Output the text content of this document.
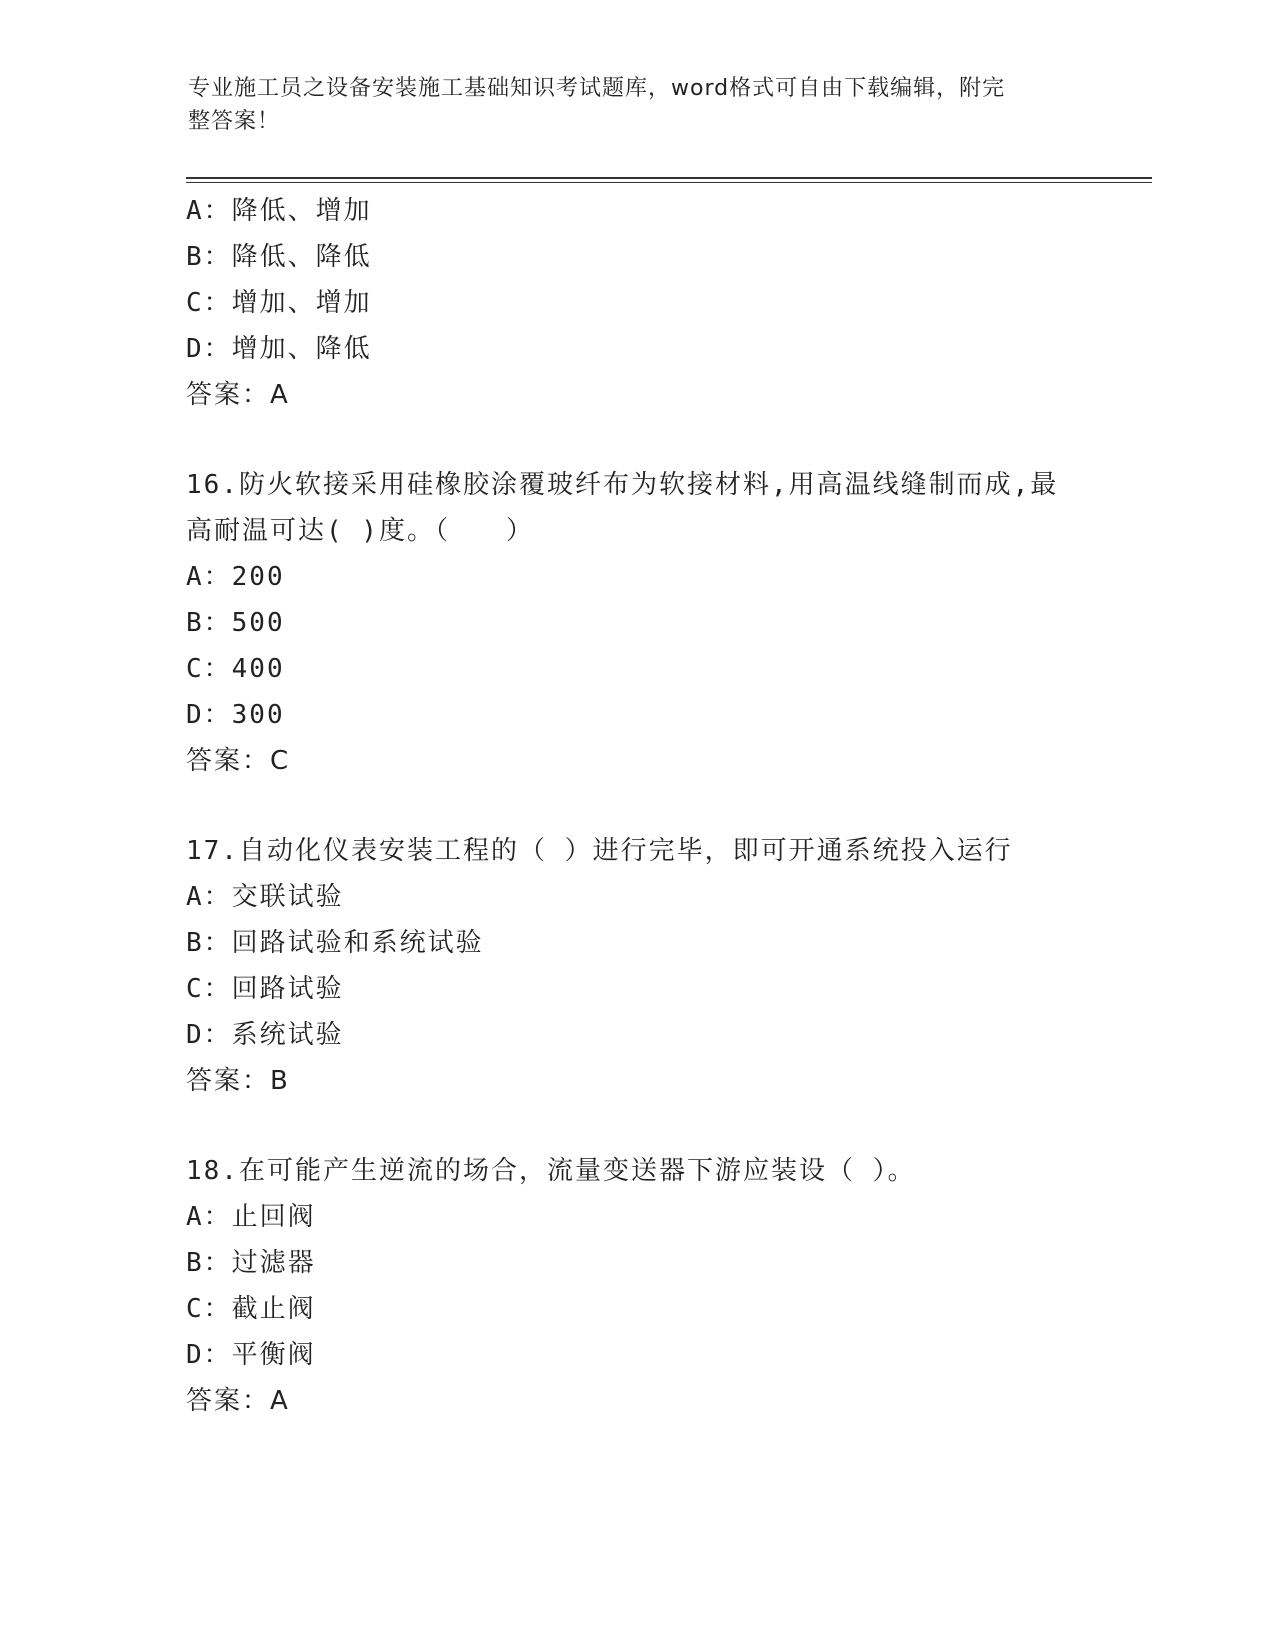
专业施工员之设备安装施工基础知识考试题库，word格式可自由下载编辑，附完
整答案！
A：降低、增加
B：降低、降低
C：增加、增加
D：增加、降低
答案：A
16.防火软接采用硅橡胶涂覆玻纤布为软接材料,用高温线缝制而成,最
高耐温可达( )度。（　　）
A：200
B：500
C：400
D：300
答案：C
17.自动化仪表安装工程的（ ）进行完毕，即可开通系统投入运行
A：交联试验
B：回路试验和系统试验
C：回路试验
D：系统试验
答案：B
18.在可能产生逆流的场合，流量变送器下游应装设（ ）。
A：止回阀
B：过滤器
C：截止阀
D：平衡阀
答案：A
